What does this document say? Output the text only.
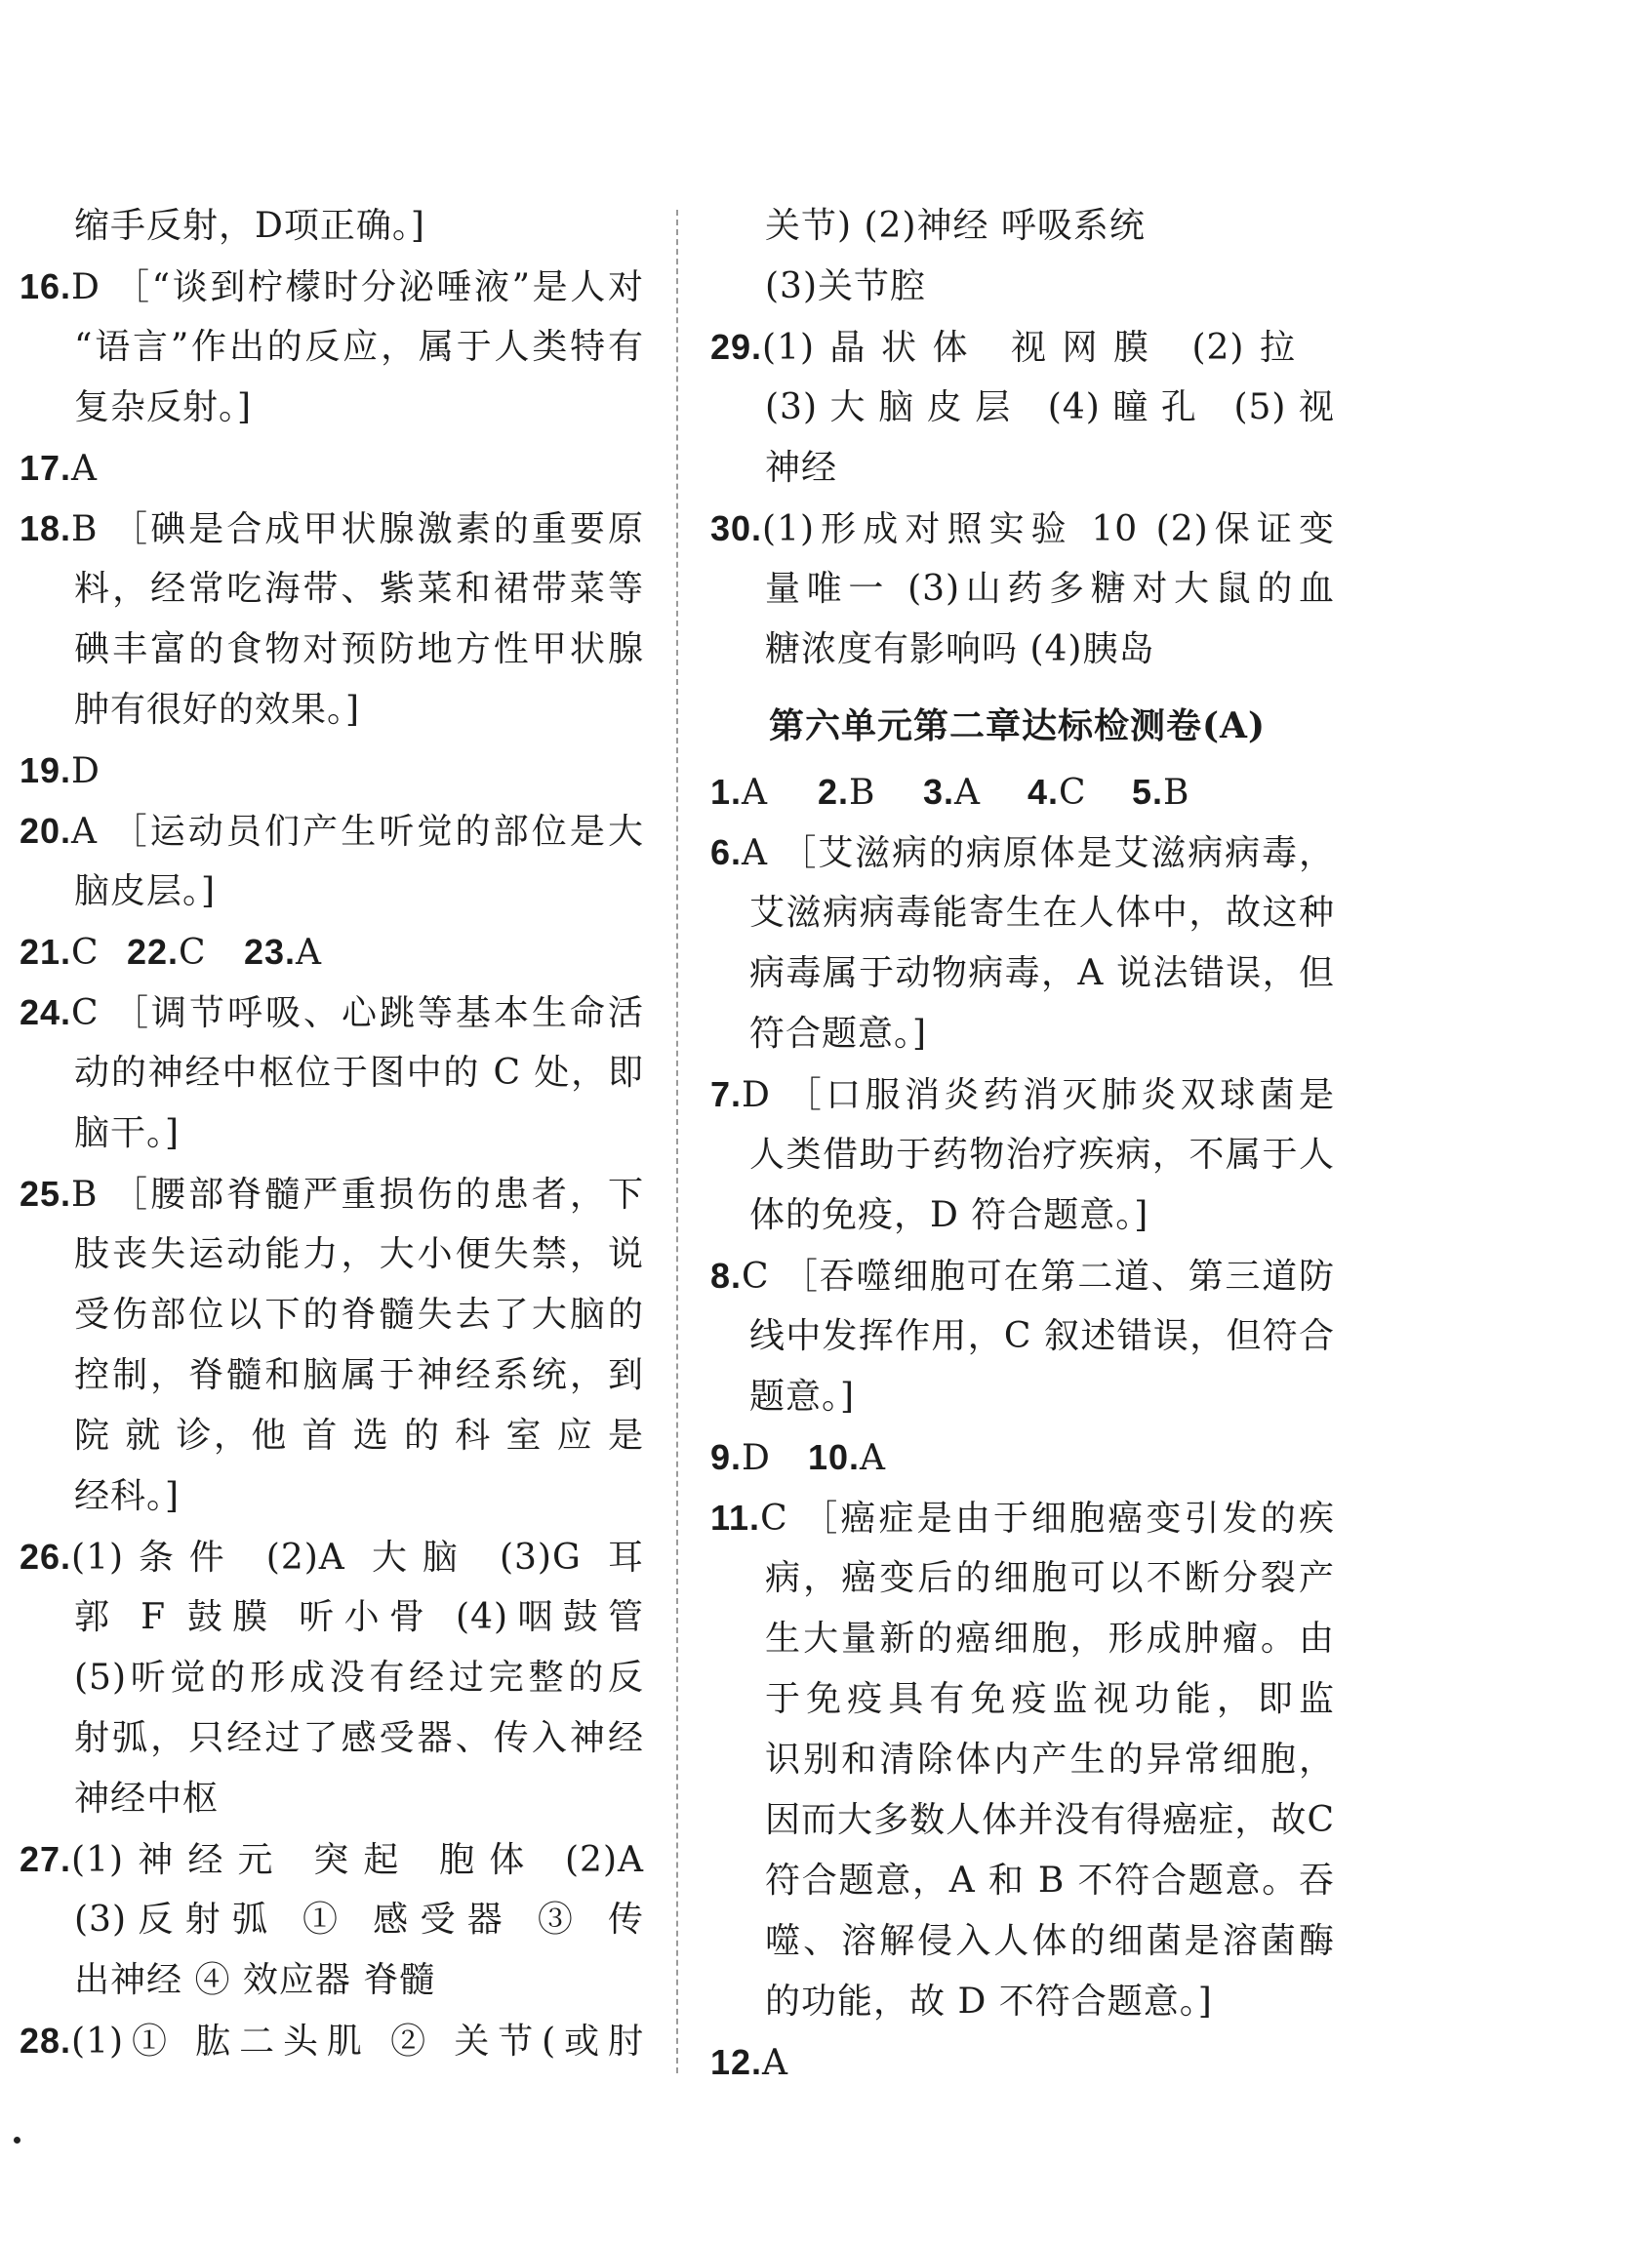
缩手反射，D项正确。]
16.D ［“谈到柠檬时分泌唾液”是人对
“语言”作出的反应，属于人类特有
复杂反射。]
17.A
18.B ［碘是合成甲状腺激素的重要原
料，经常吃海带、紫菜和裙带菜等
碘丰富的食物对预防地方性甲状腺
肿有很好的效果。]
19.D
20.A ［运动员们产生听觉的部位是大
脑皮层。]
21.C 22.C	23.A
24.C ［调节呼吸、心跳等基本生命活
动的神经中枢位于图中的 C 处，即
脑干。]
25.B ［腰部脊髓严重损伤的患者，下
肢丧失运动能力，大小便失禁，说
受伤部位以下的脊髓失去了大脑的
控制，脊髓和脑属于神经系统，到
院 就 诊，他 首 选 的 科 室 应 是
经科。]
26.(1)条件 (2)A 大脑 (3)G 耳
郭 F 鼓膜 听小骨 (4)咽鼓管
(5)听觉的形成没有经过完整的反
射弧，只经过了感受器、传入神经
神经中枢
27.(1)神经元 突起 胞体 (2)A
(3)反射弧 ① 感受器 ③ 传
出神经 ④ 效应器 脊髓
28.(1)① 肱二头肌 ② 关节(或肘
第六单元第二章达标检测卷(A)
关节) (2)神经 呼吸系统
(3)关节腔
29.(1)晶状体 视网膜 (2)拉
(3)大脑皮层 (4)瞳孔 (5)视
神经
30.(1)形成对照实验 10 (2)保证变
量唯一 (3)山药多糖对大鼠的血
糖浓度有影响吗 (4)胰岛
1.A	2.B	3.A	4.C	5.B
6.A ［艾滋病的病原体是艾滋病病毒，
艾滋病病毒能寄生在人体中，故这种
病毒属于动物病毒，A 说法错误，但
符合题意。]
7.D ［口服消炎药消灭肺炎双球菌是
人类借助于药物治疗疾病，不属于人
体的免疫，D 符合题意。]
8.C ［吞噬细胞可在第二道、第三道防
线中发挥作用，C 叙述错误，但符合
题意。]
9.D	10.A
11.C ［癌症是由于细胞癌变引发的疾
病，癌变后的细胞可以不断分裂产
生大量新的癌细胞，形成肿瘤。由
于免疫具有免疫监视功能，即监
识别和清除体内产生的异常细胞，
因而大多数人体并没有得癌症，故C
符合题意，A 和 B 不符合题意。吞
噬、溶解侵入人体的细菌是溶菌酶
的功能，故 D 不符合题意。]
12.A
